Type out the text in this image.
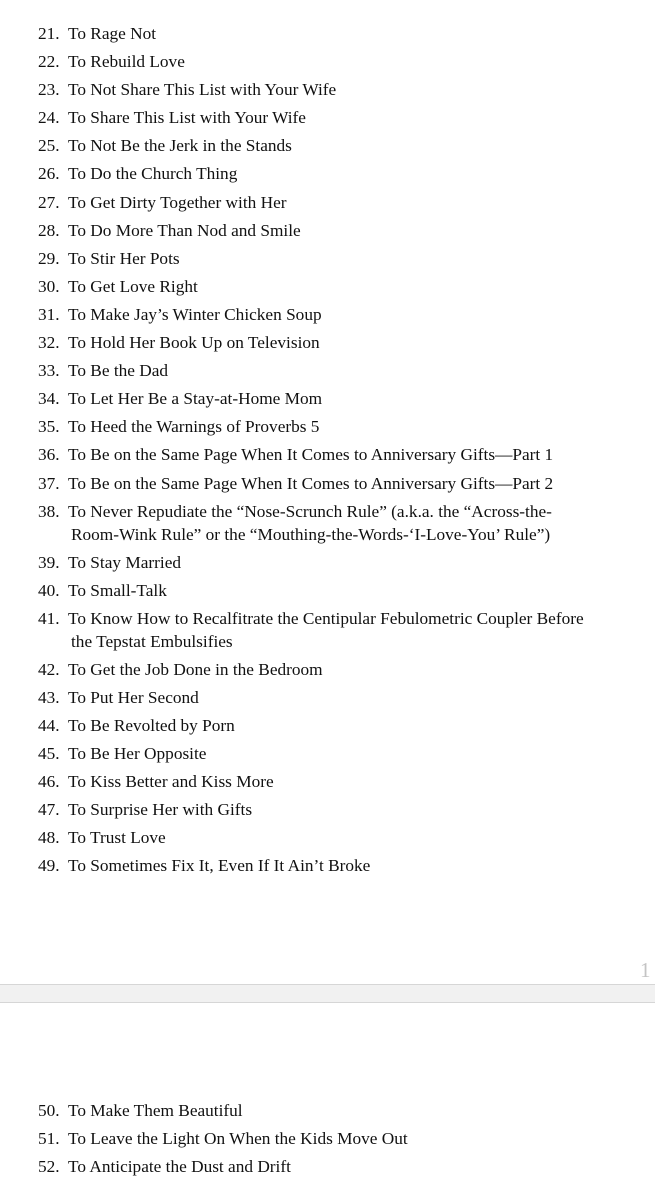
21. To Rage Not
22. To Rebuild Love
23. To Not Share This List with Your Wife
24. To Share This List with Your Wife
25. To Not Be the Jerk in the Stands
26. To Do the Church Thing
27. To Get Dirty Together with Her
28. To Do More Than Nod and Smile
29. To Stir Her Pots
30. To Get Love Right
31. To Make Jay’s Winter Chicken Soup
32. To Hold Her Book Up on Television
33. To Be the Dad
34. To Let Her Be a Stay-at-Home Mom
35. To Heed the Warnings of Proverbs 5
36. To Be on the Same Page When It Comes to Anniversary Gifts—Part 1
37. To Be on the Same Page When It Comes to Anniversary Gifts—Part 2
38. To Never Repudiate the “Nose-Scrunch Rule” (a.k.a. the “Across-the-
Room-Wink Rule” or the “Mouthing-the-Words-‘I-Love-You’ Rule”)
39. To Stay Married
40. To Small-Talk
41. To Know How to Recalfitrate the Centipular Febulometric Coupler Before
the Tepstat Embulsifies
42. To Get the Job Done in the Bedroom
43. To Put Her Second
44. To Be Revolted by Porn
45. To Be Her Opposite
46. To Kiss Better and Kiss More
47. To Surprise Her with Gifts
48. To Trust Love
49. To Sometimes Fix It, Even If It Ain’t Broke
1
50. To Make Them Beautiful
51. To Leave the Light On When the Kids Move Out
52. To Anticipate the Dust and Drift
